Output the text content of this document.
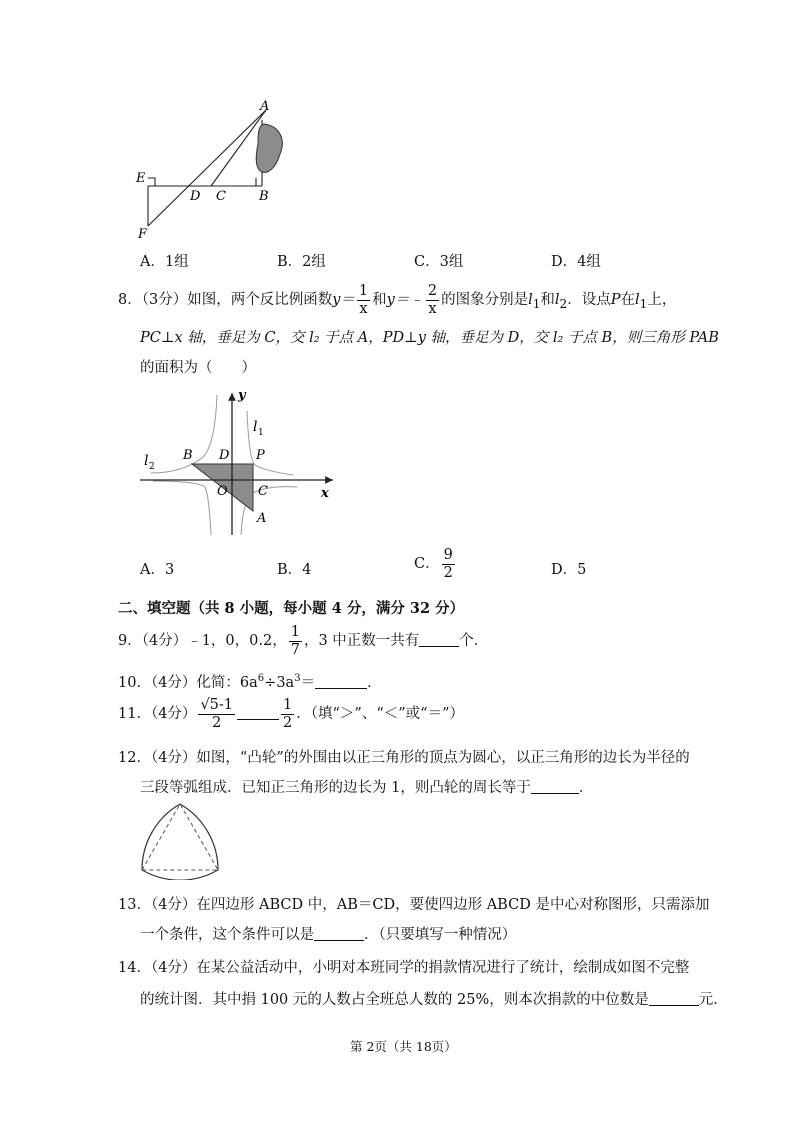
A
E
D C	B
F
A．1组	B．2组	C．3组	D．4组
8．（3分）如图，两个反比例函数$y= \frac{1}{x}$ 和y＝﹣ $\frac{2}{x}$ 的图象分别是$l_1$和$l_2$．设点P在$l_1$上，
PC⊥x 轴，垂足为 C，交 l₂ 于点 A，PD⊥y 轴，垂足为 D，交 l₂ 于点 B，则三角形 PAB
的面积为（　　）
y
x
l 1
l 2
B D P
O C
A
A．3	B．4	C． $\frac{9}{2}$	D．5
二、填空题（共 8 小题，每小题 4 分，满分 32 分）
9．（4分）﹣1，0，0.2， $\frac{1}{7}$ ，3 中正数一共有	个．
10．（4分）化简：$6a^6\div 3a^3=$	．
11．（4分） $\frac{√5-1}{2}$	$\frac{1}{2}$ ．（填“＞”、“＜”或“＝”）
12．（4分）如图，“凸轮”的外围由以正三角形的顶点为圆心，以正三角形的边长为半径的
三段等弧组成．已知正三角形的边长为 1，则凸轮的周长等于	．
13．（4分）在四边形 ABCD 中，AB＝CD，要使四边形 ABCD 是中心对称图形，只需添加
一个条件，这个条件可以是	．（只要填写一种情况）
14．（4分）在某公益活动中，小明对本班同学的捐款情况进行了统计，绘制成如图不完整
的统计图．其中捐 100 元的人数占全班总人数的 25%，则本次捐款的中位数是	元．
第 2页（共 18页）
